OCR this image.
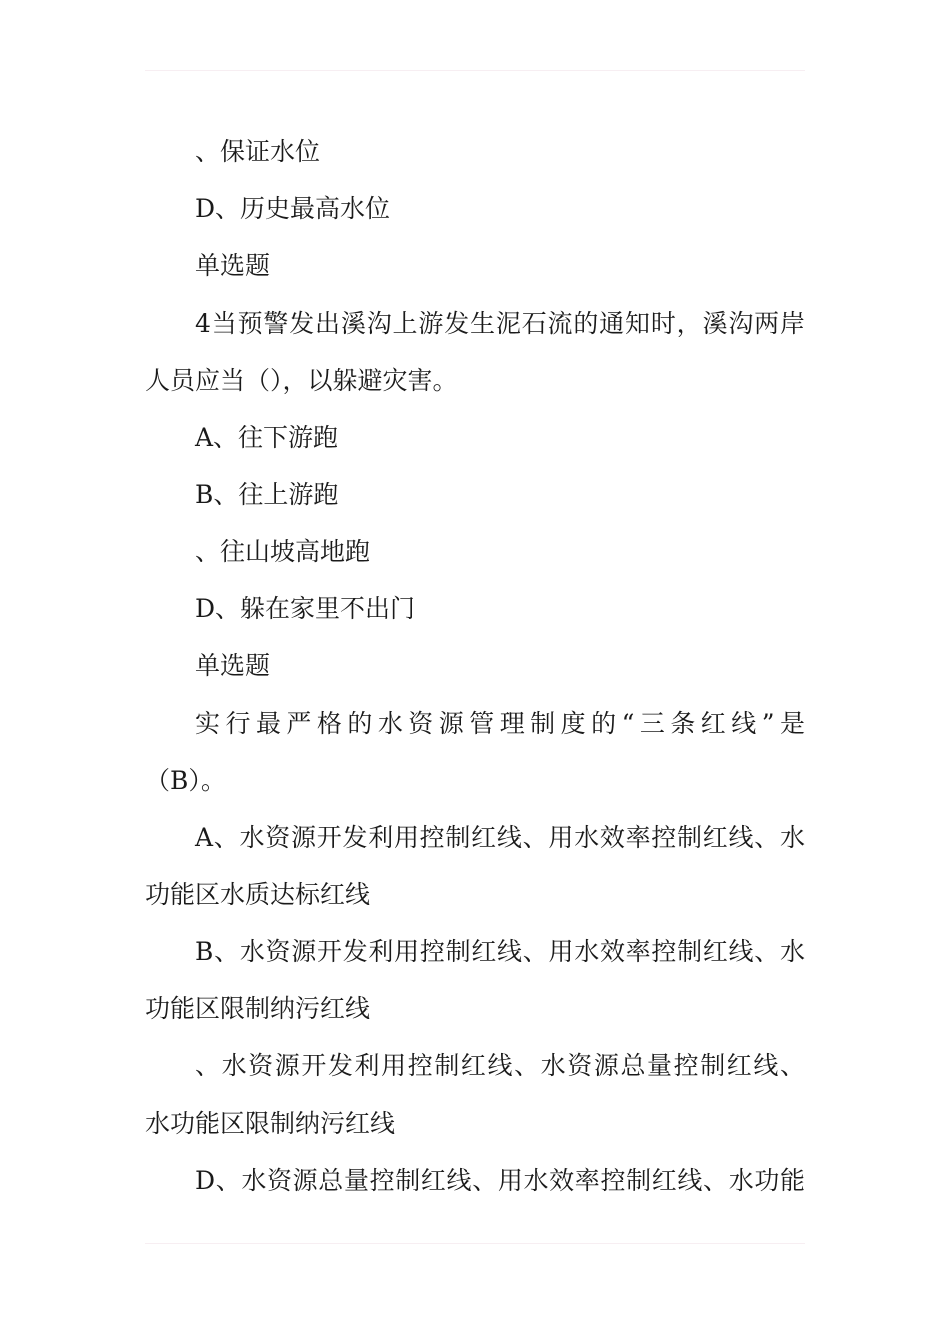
、保证水位
D、历史最高水位
单选题
4当预警发出溪沟上游发生泥石流的通知时，溪沟两岸
人员应当（），以躲避灾害。
A、往下游跑
B、往上游跑
、往山坡高地跑
D、躲在家里不出门
单选题
实行最严格的水资源管理制度的“三条红线”是
（B）。
A、水资源开发利用控制红线、用水效率控制红线、水
功能区水质达标红线
B、水资源开发利用控制红线、用水效率控制红线、水
功能区限制纳污红线
、水资源开发利用控制红线、水资源总量控制红线、
水功能区限制纳污红线
D、水资源总量控制红线、用水效率控制红线、水功能
